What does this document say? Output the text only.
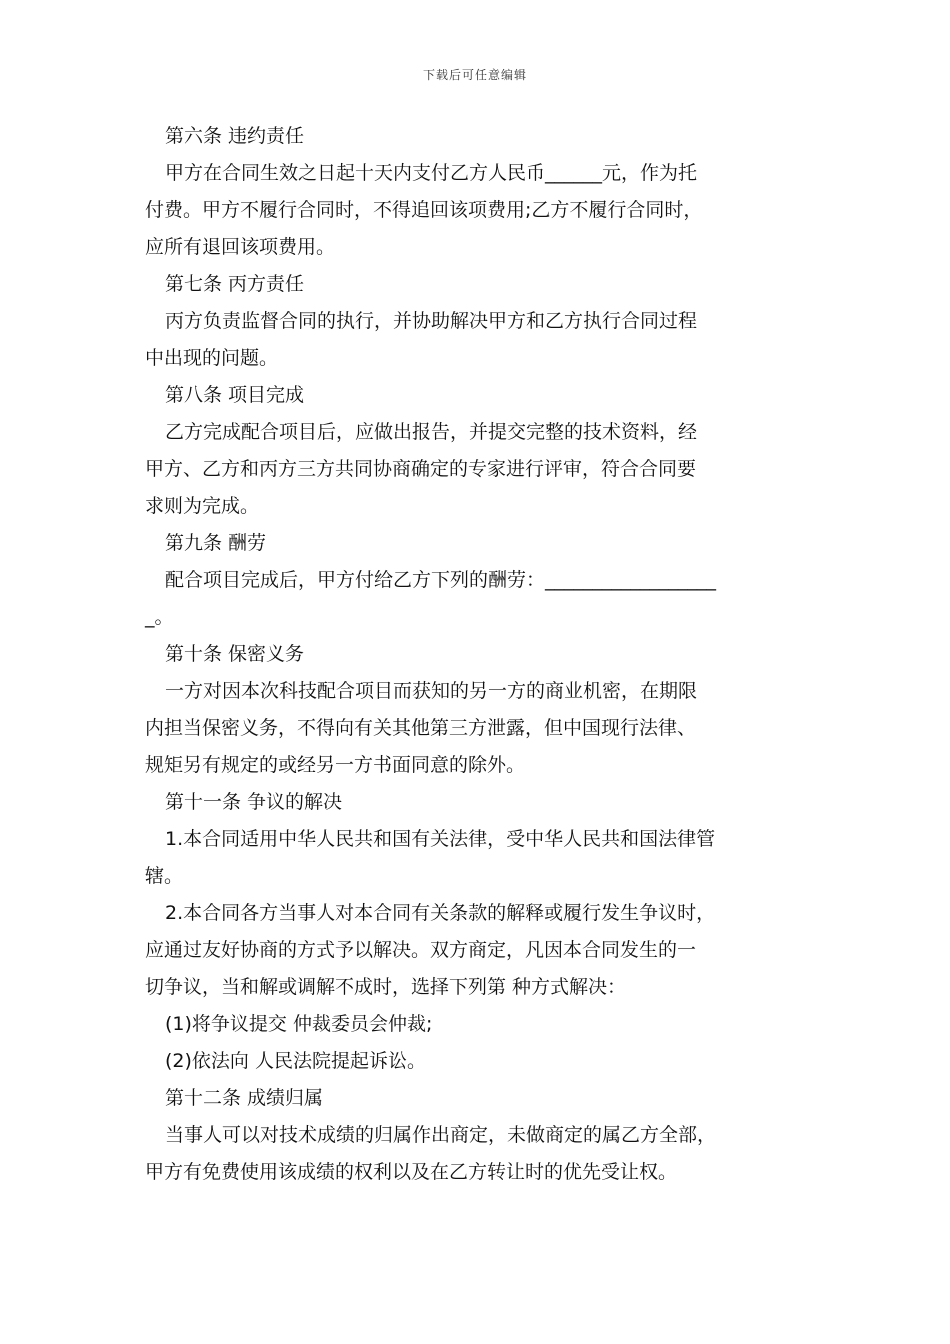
下载后可任意编辑
第六条 违约责任
甲方在合同生效之日起十天内支付乙方人民币______元，作为托
付费。甲方不履行合同时，不得追回该项费用;乙方不履行合同时，
应所有退回该项费用。
第七条 丙方责任
丙方负责监督合同的执行，并协助解决甲方和乙方执行合同过程
中出现的问题。
第八条 项目完成
乙方完成配合项目后，应做出报告，并提交完整的技术资料，经
甲方、乙方和丙方三方共同协商确定的专家进行评审，符合合同要
求则为完成。
第九条 酬劳
配合项目完成后，甲方付给乙方下列的酬劳：__________________
_。
第十条 保密义务
一方对因本次科技配合项目而获知的另一方的商业机密，在期限
内担当保密义务，不得向有关其他第三方泄露，但中国现行法律、
规矩另有规定的或经另一方书面同意的除外。
第十一条 争议的解决
1.本合同适用中华人民共和国有关法律，受中华人民共和国法律管
辖。
2.本合同各方当事人对本合同有关条款的解释或履行发生争议时，
应通过友好协商的方式予以解决。双方商定，凡因本合同发生的一
切争议，当和解或调解不成时，选择下列第 种方式解决：
(1)将争议提交 仲裁委员会仲裁;
(2)依法向 人民法院提起诉讼。
第十二条 成绩归属
当事人可以对技术成绩的归属作出商定，未做商定的属乙方全部，
甲方有免费使用该成绩的权利以及在乙方转让时的优先受让权。
